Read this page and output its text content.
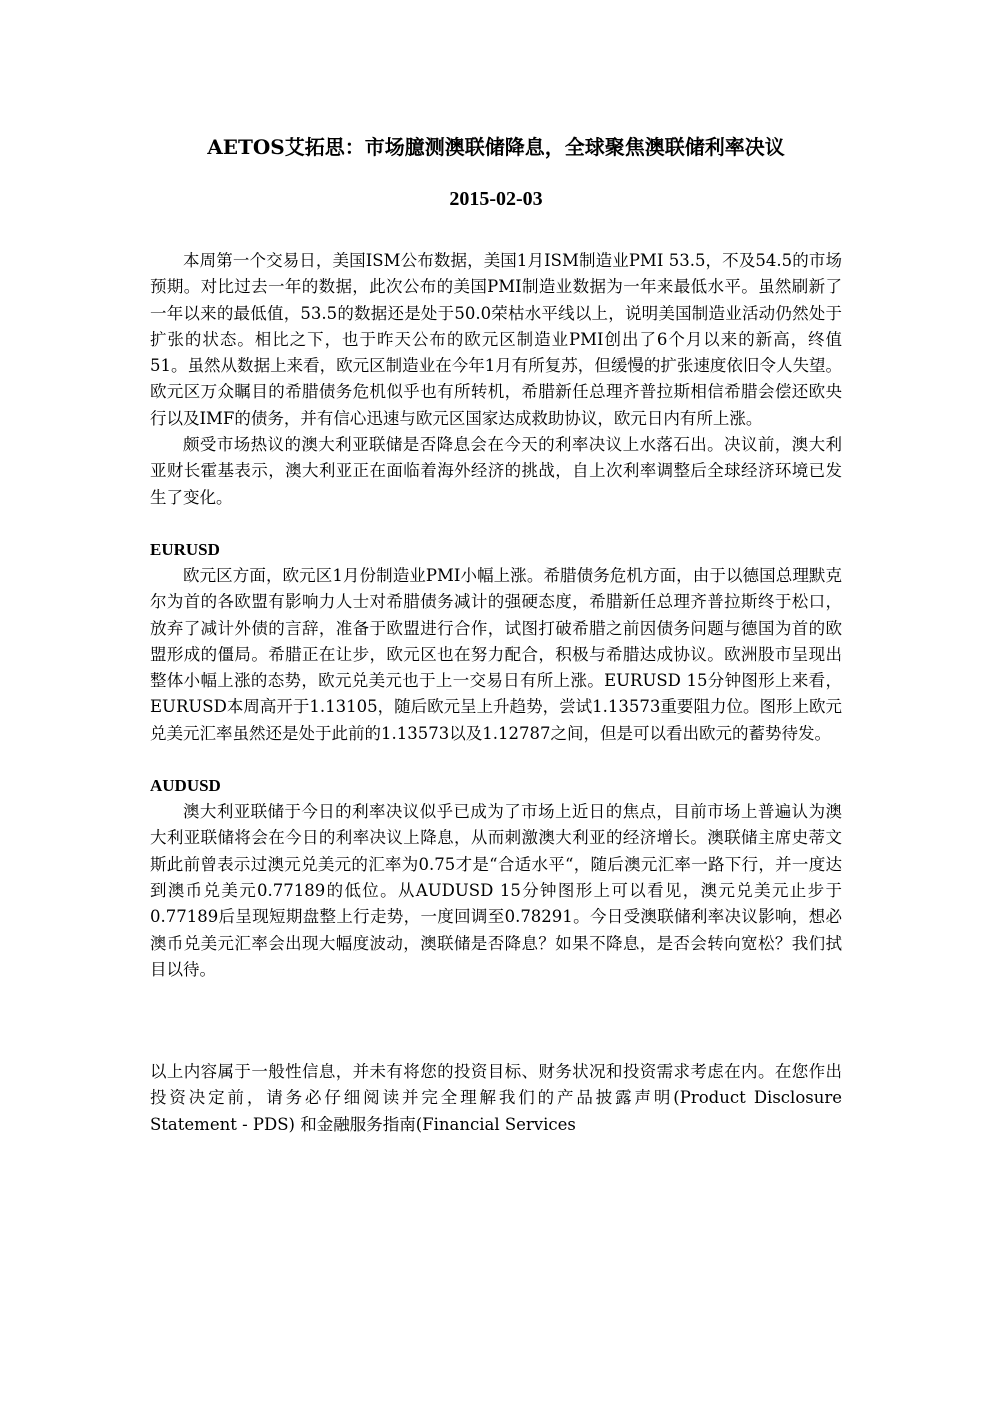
AETOS艾拓思：市场臆测澳联储降息，全球聚焦澳联储利率决议
2015-02-03

本周第一个交易日，美国ISM公布数据，美国1月ISM制造业PMI 53.5，不及54.5的市场预期。对比过去一年的数据，此次公布的美国PMI制造业数据为一年来最低水平。虽然刷新了一年以来的最低值，53.5的数据还是处于50.0荣枯水平线以上，说明美国制造业活动仍然处于扩张的状态。相比之下，也于昨天公布的欧元区制造业PMI创出了6个月以来的新高，终值51。虽然从数据上来看，欧元区制造业在今年1月有所复苏，但缓慢的扩张速度依旧令人失望。欧元区万众瞩目的希腊债务危机似乎也有所转机，希腊新任总理齐普拉斯相信希腊会偿还欧央行以及IMF的债务，并有信心迅速与欧元区国家达成救助协议，欧元日内有所上涨。

颇受市场热议的澳大利亚联储是否降息会在今天的利率决议上水落石出。决议前，澳大利亚财长霍基表示，澳大利亚正在面临着海外经济的挑战，自上次利率调整后全球经济环境已发生了变化。

EURUSD

欧元区方面，欧元区1月份制造业PMI小幅上涨。希腊债务危机方面，由于以德国总理默克尔为首的各欧盟有影响力人士对希腊债务减计的强硬态度，希腊新任总理齐普拉斯终于松口，放弃了减计外债的言辞，准备于欧盟进行合作，试图打破希腊之前因债务问题与德国为首的欧盟形成的僵局。希腊正在让步，欧元区也在努力配合，积极与希腊达成协议。欧洲股市呈现出整体小幅上涨的态势，欧元兑美元也于上一交易日有所上涨。EURUSD 15分钟图形上来看，EURUSD本周高开于1.13105，随后欧元呈上升趋势，尝试1.13573重要阻力位。图形上欧元兑美元汇率虽然还是处于此前的1.13573以及1.12787之间，但是可以看出欧元的蓄势待发。

AUDUSD

澳大利亚联储于今日的利率决议似乎已成为了市场上近日的焦点，目前市场上普遍认为澳大利亚联储将会在今日的利率决议上降息，从而刺激澳大利亚的经济增长。澳联储主席史蒂文斯此前曾表示过澳元兑美元的汇率为0.75才是“合适水平“，随后澳元汇率一路下行，并一度达到澳币兑美元0.77189的低位。从AUDUSD 15分钟图形上可以看见，澳元兑美元止步于0.77189后呈现短期盘整上行走势，一度回调至0.78291。今日受澳联储利率决议影响，想必澳币兑美元汇率会出现大幅度波动，澳联储是否降息？如果不降息，是否会转向宽松？我们拭目以待。

以上内容属于一般性信息，并未有将您的投资目标、财务状况和投资需求考虑在内。在您作出投资决定前，请务必仔细阅读并完全理解我们的产品披露声明(Product Disclosure Statement - PDS) 和金融服务指南(Financial Services
